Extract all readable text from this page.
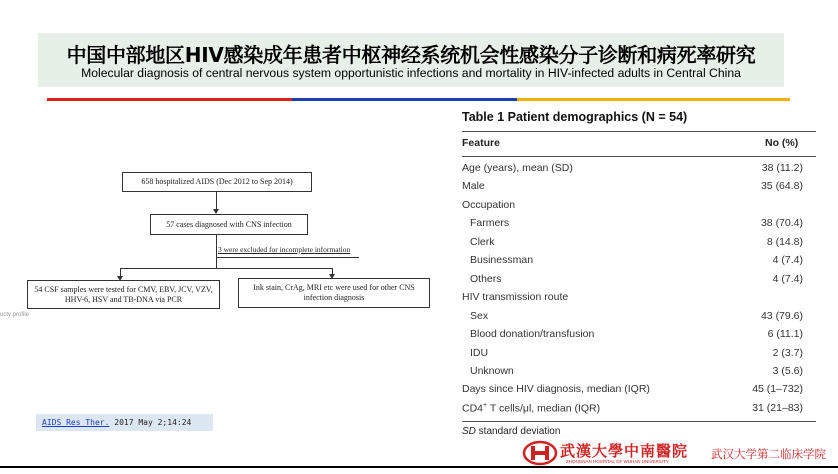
中国中部地区HIV感染成年患者中枢神经系统机会性感染分子诊断和病死率研究
Molecular diagnosis of central nervous system opportunistic infections and mortality in HIV-infected adults in Central China
658 hospitalized AIDS (Dec 2012 to Sep 2014)
57 cases diagnosed with CNS infection
3 were excluded for incomplete information
54 CSF samples were tested for CMV, EBV, JCV, VZV, HHV-6, HSV and TB-DNA via PCR
Ink stain, CrAg, MRI etc were used for other CNS infection diagnosis
ucty profile
AIDS Res Ther. 2017 May 2;14:24
Table 1 Patient demographics (N = 54)
Feature	No (%)
Age (years), mean (SD)	38 (11.2)
Male	35 (64.8)
Occupation
Farmers	38 (70.4)
Clerk	8 (14.8)
Businessman	4 (7.4)
Others	4 (7.4)
HIV transmission route
Sex	43 (79.6)
Blood donation/transfusion	6 (11.1)
IDU	2 (3.7)
Unknown	3 (5.6)
Days since HIV diagnosis, median (IQR)	45 (1–732)
CD4+ T cells/μl, median (IQR)	31 (21–83)
SD standard deviation
武漢大學中南醫院
ZHONGNAN HOSPITAL OF WUHAN UNIVERSITY
武汉大学第二临床学院
